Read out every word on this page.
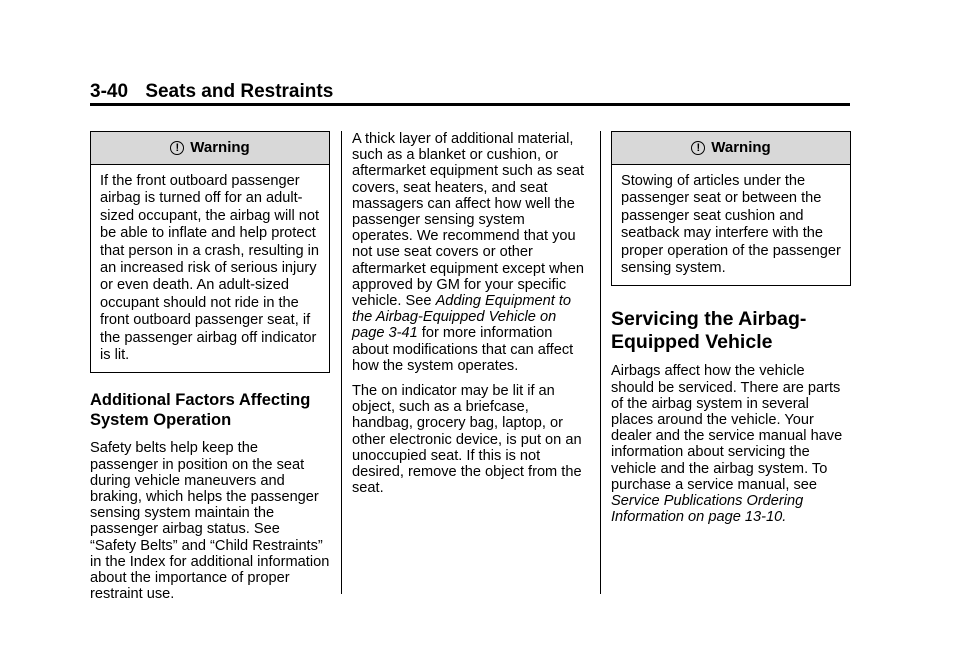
3-40 Seats and Restraints
! Warning
If the front outboard passenger airbag is turned off for an adult-sized occupant, the airbag will not be able to inflate and help protect that person in a crash, resulting in an increased risk of serious injury or even death. An adult-sized occupant should not ride in the front outboard passenger seat, if the passenger airbag off indicator is lit.
Additional Factors Affecting System Operation

Safety belts help keep the passenger in position on the seat during vehicle maneuvers and braking, which helps the passenger sensing system maintain the passenger airbag status. See “Safety Belts” and “Child Restraints” in the Index for additional information about the importance of proper restraint use.

A thick layer of additional material, such as a blanket or cushion, or aftermarket equipment such as seat covers, seat heaters, and seat massagers can affect how well the passenger sensing system operates. We recommend that you not use seat covers or other aftermarket equipment except when approved by GM for your specific vehicle. See Adding Equipment to the Airbag-Equipped Vehicle on page 3-41 for more information about modifications that can affect how the system operates.

The on indicator may be lit if an object, such as a briefcase, handbag, grocery bag, laptop, or other electronic device, is put on an unoccupied seat. If this is not desired, remove the object from the seat.

! Warning
Stowing of articles under the passenger seat or between the passenger seat cushion and seatback may interfere with the proper operation of the passenger sensing system.
Servicing the Airbag-Equipped Vehicle

Airbags affect how the vehicle should be serviced. There are parts of the airbag system in several places around the vehicle. Your dealer and the service manual have information about servicing the vehicle and the airbag system. To purchase a service manual, see Service Publications Ordering Information on page 13-10.
